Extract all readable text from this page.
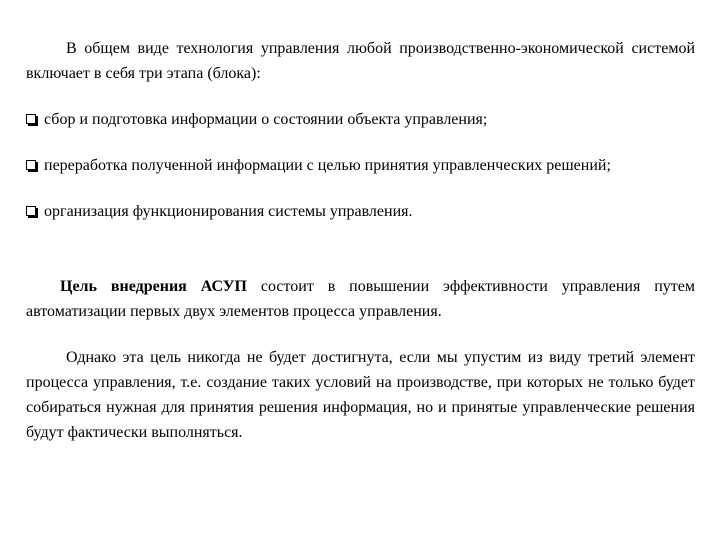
В общем виде технология управления любой производственно-экономической системой включает в себя три этапа (блока):

сбор и подготовка информации о состоянии объекта управления;
переработка полученной информации с целью принятия управленческих решений;
организация функционирования системы управления.

Цель внедрения АСУП состоит в повышении эффективности управления путем автоматизации первых двух элементов процесса управления.

Однако эта цель никогда не будет достигнута, если мы упустим из виду третий элемент процесса управления, т.е. создание таких условий на производстве, при которых не только будет собираться нужная для принятия решения информация, но и принятые управленческие решения будут фактически выполняться.
